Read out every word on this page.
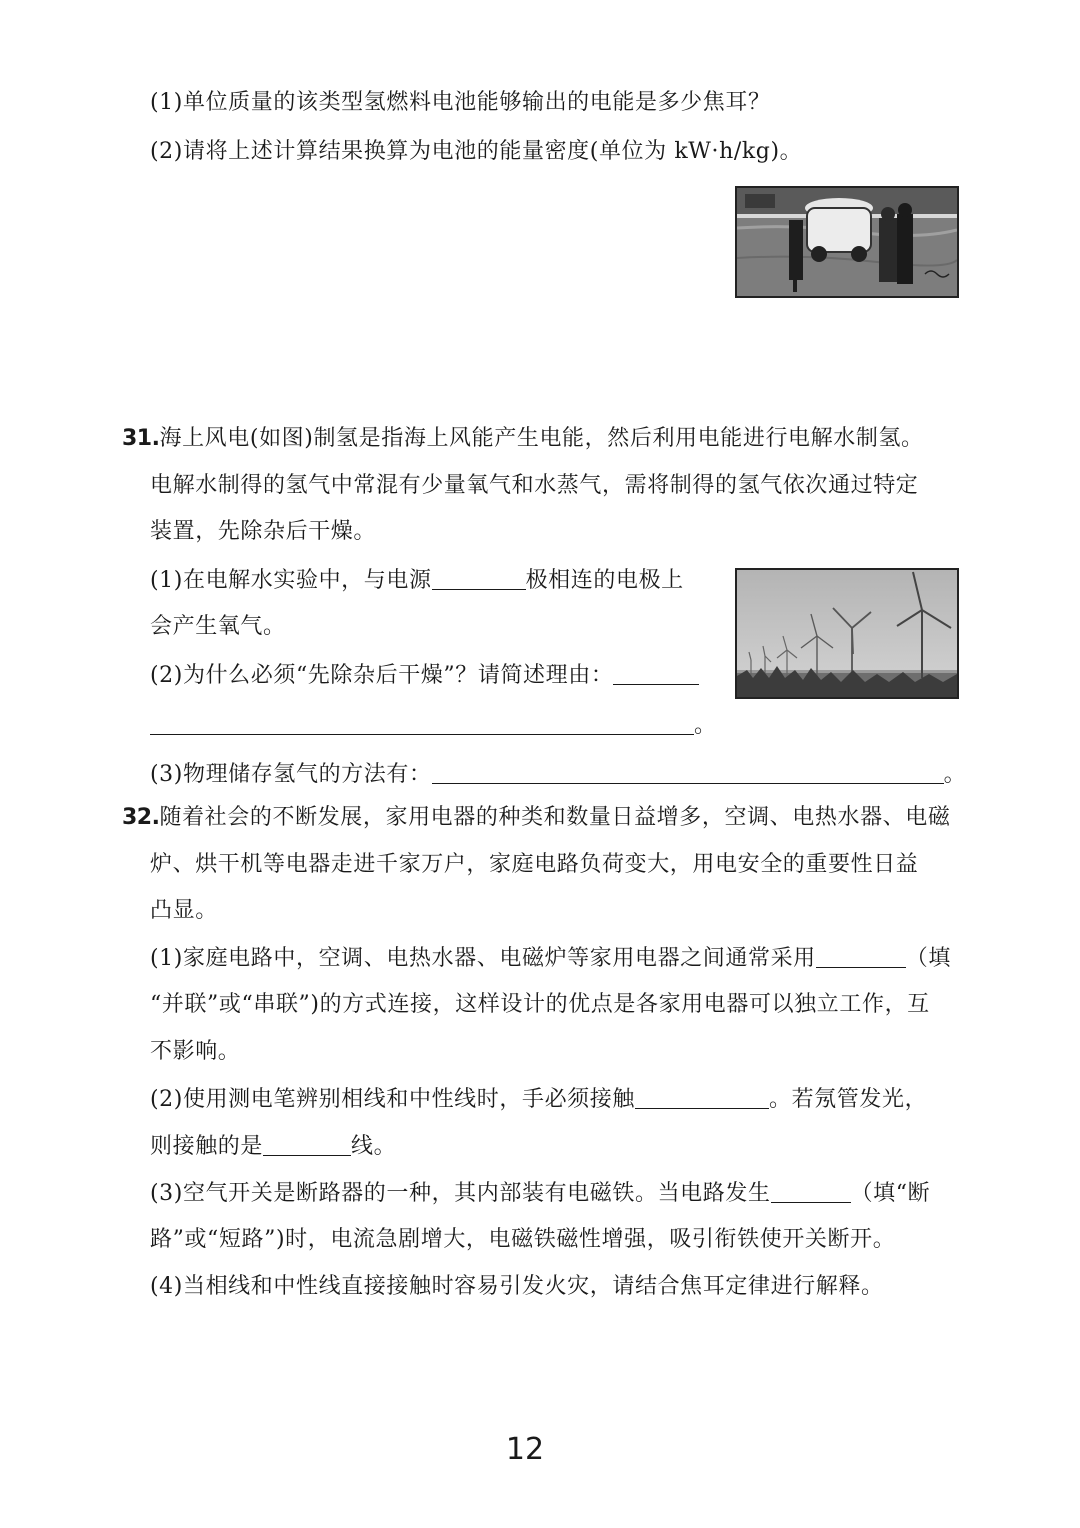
(1)单位质量的该类型氢燃料电池能够输出的电能是多少焦耳？
(2)请将上述计算结果换算为电池的能量密度(单位为 kW·h/kg)。
31.海上风电(如图)制氢是指海上风能产生电能，然后利用电能进行电解水制氢。
电解水制得的氢气中常混有少量氧气和水蒸气，需将制得的氢气依次通过特定
装置，先除杂后干燥。
(1)在电解水实验中，与电源	极相连的电极上
会产生氧气。
(2)为什么必须“先除杂后干燥”？请简述理由：
。
(3)物理储存氢气的方法有：	。
32.随着社会的不断发展，家用电器的种类和数量日益增多，空调、电热水器、电磁
炉、烘干机等电器走进千家万户，家庭电路负荷变大，用电安全的重要性日益
凸显。
(1)家庭电路中，空调、电热水器、电磁炉等家用电器之间通常采用	（填
“并联”或“串联”)的方式连接，这样设计的优点是各家用电器可以独立工作，互
不影响。
(2)使用测电笔辨别相线和中性线时，手必须接触	。若氖管发光，
则接触的是	线。
(3)空气开关是断路器的一种，其内部装有电磁铁。当电路发生	（填“断
路”或“短路”)时，电流急剧增大，电磁铁磁性增强，吸引衔铁使开关断开。
(4)当相线和中性线直接接触时容易引发火灾，请结合焦耳定律进行解释。
12
